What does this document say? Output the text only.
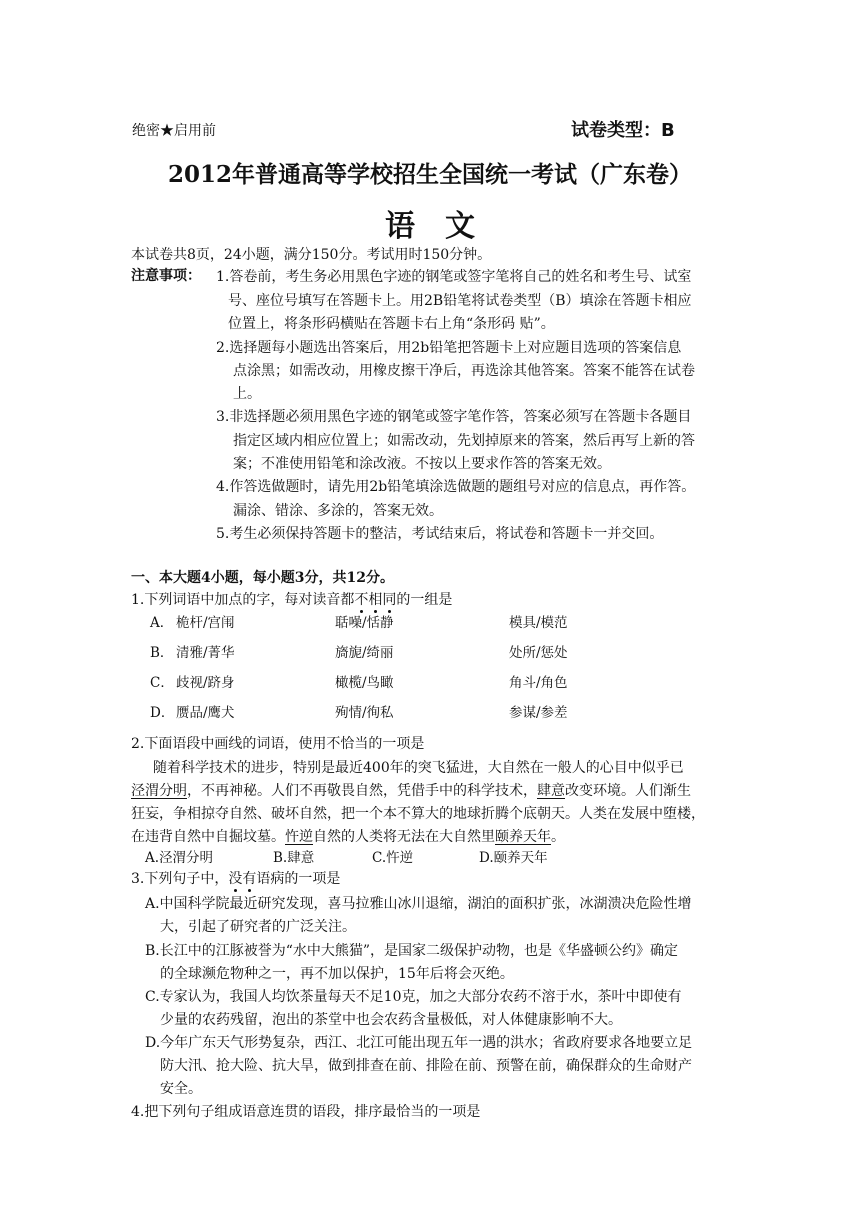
绝密★启用前	试卷类型：B
2012年普通高等学校招生全国统一考试（广东卷）
语文
本试卷共8页，24小题，满分150分。考试用时150分钟。
注意事项： 1.答卷前，考生务必用黑色字迹的钢笔或签字笔将自己的姓名和考生号、试室
号、座位号填写在答题卡上。用2B铅笔将试卷类型（B）填涂在答题卡相应
位置上，将条形码横贴在答题卡右上角“条形码 贴”。
2.选择题每小题选出答案后，用2b铅笔把答题卡上对应题目选项的答案信息
点涂黑；如需改动，用橡皮擦干净后，再选涂其他答案。答案不能答在试卷
上。
3.非选择题必须用黑色字迹的钢笔或签字笔作答，答案必须写在答题卡各题目
指定区域内相应位置上；如需改动，先划掉原来的答案，然后再写上新的答
案；不准使用铅笔和涂改液。不按以上要求作答的答案无效。
4.作答选做题时，请先用2b铅笔填涂选做题的题组号对应的信息点，再作答。
漏涂、错涂、多涂的，答案无效。
5.考生必须保持答题卡的整洁，考试结束后，将试卷和答题卡一并交回。
一、本大题4小题，每小题3分，共12分。
1.下列词语中加点的字，每对读音都不相同的一组是
A． 桅杆/宫闱	聒噪/恬静	模具/模范
B． 清雅/菁华	旖旎/绮丽	处所/惩处
C． 歧视/跻身	橄榄/鸟瞰	角斗/角色
D． 赝品/鹰犬	殉情/徇私	参谋/参差
2.下面语段中画线的词语，使用不恰当的一项是
随着科学技术的进步，特别是最近400年的突飞猛进，大自然在一般人的心目中似乎已
泾渭分明，不再神秘。人们不再敬畏自然，凭借手中的科学技术，肆意改变环境。人们渐生
狂妄，争相掠夺自然、破坏自然，把一个本不算大的地球折腾个底朝天。人类在发展中堕楼，
在违背自然中自掘坟墓。忤逆自然的人类将无法在大自然里颐养天年。
A.泾渭分明	B.肆意	C.忤逆	D.颐养天年
3.下列句子中，没有语病的一项是
A.中国科学院最近研究发现，喜马拉雅山冰川退缩，湖泊的面积扩张，冰湖溃决危险性增
大，引起了研究者的广泛关注。
B.长江中的江豚被誉为“水中大熊猫”，是国家二级保护动物，也是《华盛顿公约》确定
的全球濒危物种之一，再不加以保护，15年后将会灭绝。
C.专家认为，我国人均饮茶量每天不足10克，加之大部分农药不溶于水，茶叶中即使有
少量的农药残留，泡出的茶堂中也会农药含量极低，对人体健康影响不大。
D.今年广东天气形势复杂，西江、北江可能出现五年一遇的洪水；省政府要求各地要立足
防大汛、抢大险、抗大旱，做到排查在前、排险在前、预警在前，确保群众的生命财产
安全。
4.把下列句子组成语意连贯的语段，排序最恰当的一项是
